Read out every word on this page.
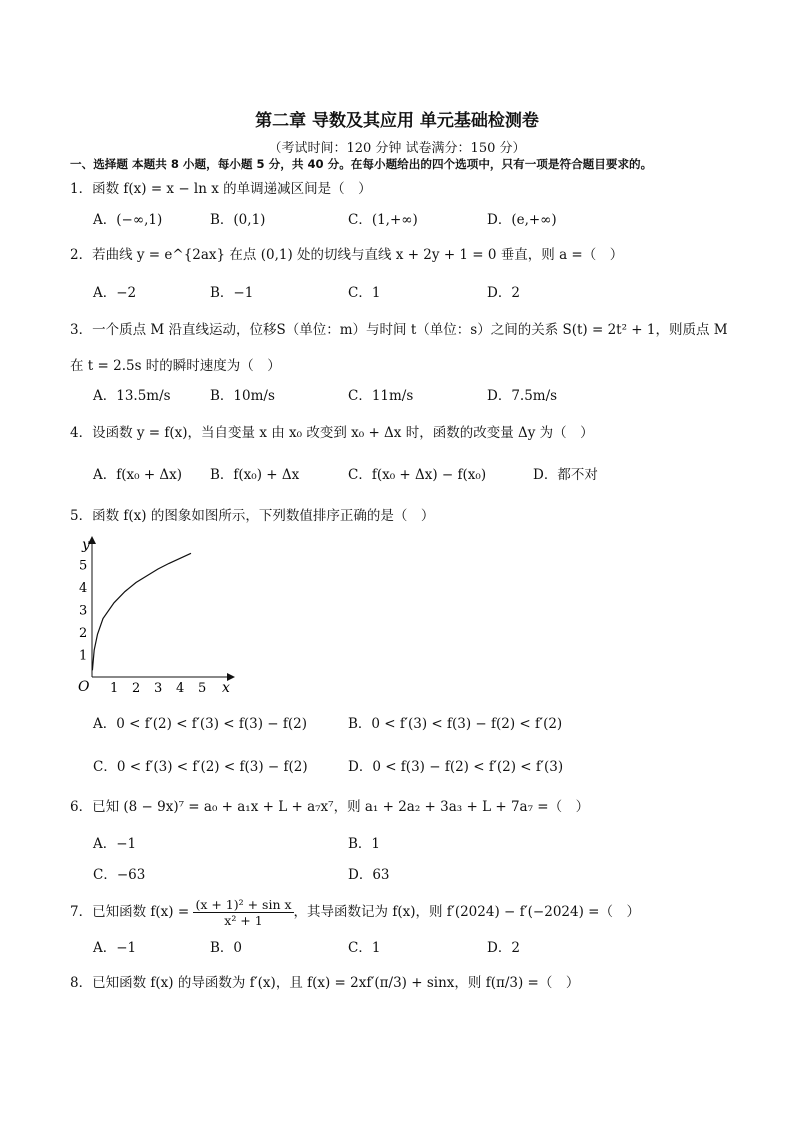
第二章 导数及其应用 单元基础检测卷
（考试时间：120 分钟 试卷满分：150 分）
一、选择题 本题共 8 小题，每小题 5 分，共 40 分。在每小题给出的四个选项中，只有一项是符合题目要求的。
1．函数 f(x) = x − ln x 的单调递减区间是（　）
A．(−∞,1)	B．(0,1)	C．(1,+∞)	D．(e,+∞)
2．若曲线 y = e^{2ax} 在点 (0,1) 处的切线与直线 x + 2y + 1 = 0 垂直，则 a =（　）
A．−2	B．−1	C．1	D．2
3．一个质点 M 沿直线运动，位移S（单位：m）与时间 t（单位：s）之间的关系 S(t) = 2t² + 1，则质点 M
在 t = 2.5s 时的瞬时速度为（　）
A．13.5m/s	B．10m/s	C．11m/s	D．7.5m/s
4．设函数 y = f(x)，当自变量 x 由 x₀ 改变到 x₀ + Δx 时，函数的改变量 Δy 为（　）
A．f(x₀ + Δx) B．f(x₀) + Δx	C．f(x₀ + Δx) − f(x₀)	D．都不对
5．函数 f(x) 的图象如图所示，下列数值排序正确的是（　）
1 2 3 4 5
1
2
3
4
5
O	x
y
A．0 < f′(2) < f′(3) < f(3) − f(2)	B．0 < f′(3) < f(3) − f(2) < f′(2)
C．0 < f′(3) < f′(2) < f(3) − f(2)	D．0 < f(3) − f(2) < f′(2) < f′(3)
6．已知 (8 − 9x)⁷ = a₀ + a₁x + L + a₇x⁷，则 a₁ + 2a₂ + 3a₃ + L + 7a₇ =（　）
A．−1	B．1
C．−63	D．63
7．已知函数 $f(x) = \frac{\text{(x + 1)² + sin x}}{\text{x² + 1}}$ ，其导函数记为 f(x)，则 f′(2024) − f′(−2024) =（　）
A．−1	B．0	C．1	D．2
8．已知函数 f(x) 的导函数为 f′(x)，且 f(x) = 2xf′(π/3) + sinx，则 f(π/3) =（　）
